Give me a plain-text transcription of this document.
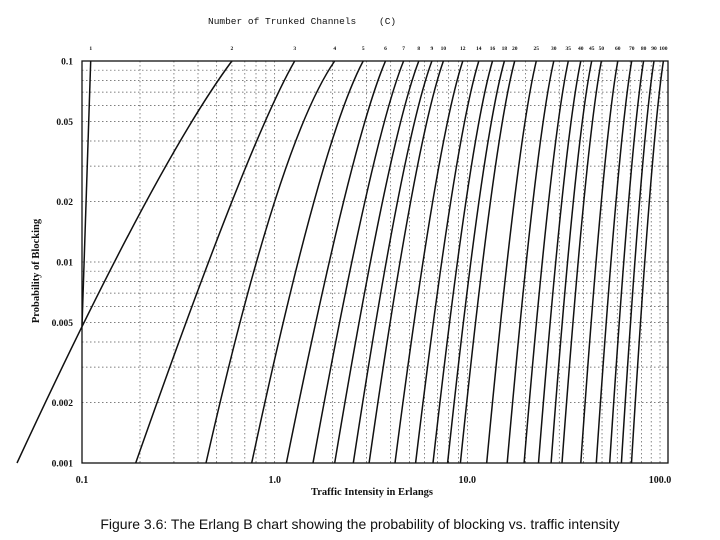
1	2	3	4	5	6	7 8 9 10	12 14 16 18 20	25 30 35 40 45 50 60 70 80 90 100
0.1	1.0	10.0	100.0
0.1
0.05
0.02
0.01
0.005
0.002
0.001
Number of Trunked Channels    (C)
Traffic Intensity in Erlangs
Probability of Blocking
Figure 3.6: The Erlang B chart showing the probability of blocking vs. traffic intensity
